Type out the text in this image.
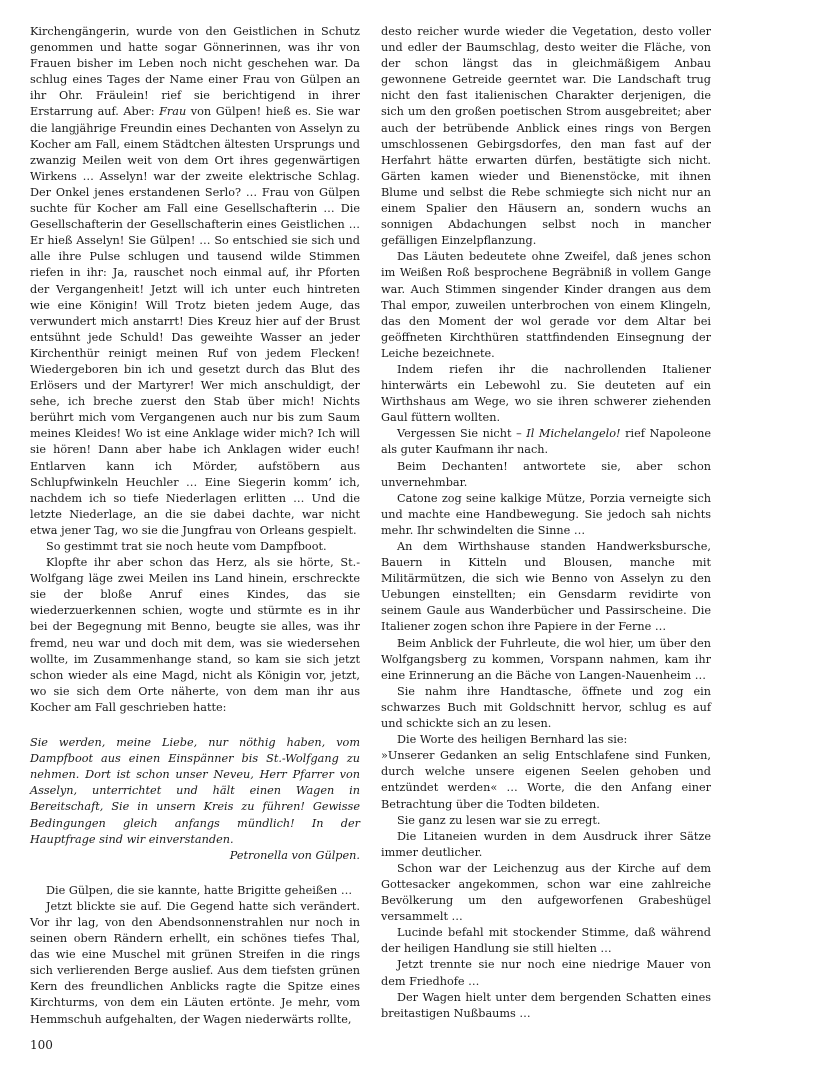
Kirchengängerin, wurde von den Geistlichen in Schutz genommen und hatte sogar Gönnerinnen, was ihr von Frauen bisher im Leben noch nicht geschehen war. Da schlug eines Tages der Name einer Frau von Gülpen an ihr Ohr. Fräulein! rief sie berichtigend in ihrer Erstarrung auf. Aber: Frau von Gülpen! hieß es. Sie war die langjährige Freundin eines Dechanten von Asselyn zu Kocher am Fall, einem Städtchen ältesten Ursprungs und zwanzig Meilen weit von dem Ort ihres gegenwärtigen Wirkens … Asselyn! war der zweite elektrische Schlag. Der Onkel jenes erstandenen Serlo? … Frau von Gülpen suchte für Kocher am Fall eine Gesellschafterin … Die Gesellschafterin der Gesellschafterin eines Geistlichen … Er hieß Asselyn! Sie Gülpen! … So entschied sie sich und alle ihre Pulse schlugen und tausend wilde Stimmen riefen in ihr: Ja, rauschet noch einmal auf, ihr Pforten der Vergangenheit! Jetzt will ich unter euch hintreten wie eine Königin! Will Trotz bieten jedem Auge, das verwundert mich anstarrt! Dies Kreuz hier auf der Brust entsühnt jede Schuld! Das geweihte Wasser an jeder Kirchenthür reinigt meinen Ruf von jedem Flecken! Wiedergeboren bin ich und gesetzt durch das Blut des Erlösers und der Martyrer! Wer mich anschuldigt, der sehe, ich breche zuerst den Stab über mich! Nichts berührt mich vom Vergangenen auch nur bis zum Saum meines Kleides! Wo ist eine Anklage wider mich? Ich will sie hören! Dann aber habe ich Anklagen wider euch! Entlarven kann ich Mörder, aufstöbern aus Schlupfwinkeln Heuchler … Eine Siegerin komm’ ich, nachdem ich so tiefe Niederlagen erlitten … Und die letzte Niederlage, an die sie dabei dachte, war nicht etwa jener Tag, wo sie die Jungfrau von Orleans gespielt.

So gestimmt trat sie noch heute vom Dampfboot.

Klopfte ihr aber schon das Herz, als sie hörte, St.-Wolfgang läge zwei Meilen ins Land hinein, erschreckte sie der bloße Anruf eines Kindes, das sie wiederzuerkennen schien, wogte und stürmte es in ihr bei der Begegnung mit Benno, beugte sie alles, was ihr fremd, neu war und doch mit dem, was sie wiedersehen wollte, im Zusammenhange stand, so kam sie sich jetzt schon wieder als eine Magd, nicht als Königin vor, jetzt, wo sie sich dem Orte näherte, von dem man ihr aus Kocher am Fall geschrieben hatte:

Sie werden, meine Liebe, nur nöthig haben, vom Dampfboot aus einen Einspänner bis St.-Wolfgang zu nehmen. Dort ist schon unser Neveu, Herr Pfarrer von Asselyn, unterrichtet und hält einen Wagen in Bereitschaft, Sie in unsern Kreis zu führen! Gewisse Bedingungen gleich anfangs mündlich! In der Hauptfrage sind wir einverstanden.

Petronella von Gülpen.

Die Gülpen, die sie kannte, hatte Brigitte geheißen …

Jetzt blickte sie auf. Die Gegend hatte sich verändert. Vor ihr lag, von den Abendsonnenstrahlen nur noch in seinen obern Rändern erhellt, ein schönes tiefes Thal, das wie eine Muschel mit grünen Streifen in die rings sich verlierenden Berge auslief. Aus dem tiefsten grünen Kern des freundlichen Anblicks ragte die Spitze eines Kirchturms, von dem ein Läuten ertönte. Je mehr, vom Hemmschuh aufgehalten, der Wagen niederwärts rollte,

desto reicher wurde wieder die Vegetation, desto voller und edler der Baumschlag, desto weiter die Fläche, von der schon längst das in gleichmäßigem Anbau gewonnene Getreide geerntet war. Die Landschaft trug nicht den fast italienischen Charakter derjenigen, die sich um den großen poetischen Strom ausgebreitet; aber auch der betrübende Anblick eines rings von Bergen umschlossenen Gebirgsdorfes, den man fast auf der Herfahrt hätte erwarten dürfen, bestätigte sich nicht. Gärten kamen wieder und Bienenstöcke, mit ihnen Blume und selbst die Rebe schmiegte sich nicht nur an einem Spalier den Häusern an, sondern wuchs an sonnigen Abdachungen selbst noch in mancher gefälligen Einzelpflanzung.

Das Läuten bedeutete ohne Zweifel, daß jenes schon im Weißen Roß besprochene Begräbniß in vollem Gange war. Auch Stimmen singender Kinder drangen aus dem Thal empor, zuweilen unterbrochen von einem Klingeln, das den Moment der wol gerade vor dem Altar bei geöffneten Kirchthüren stattfindenden Einsegnung der Leiche bezeichnete.

Indem riefen ihr die nachrollenden Italiener hinterwärts ein Lebewohl zu. Sie deuteten auf ein Wirthshaus am Wege, wo sie ihren schwerer ziehenden Gaul füttern wollten.

Vergessen Sie nicht – Il Michelangelo! rief Napoleone als guter Kaufmann ihr nach.

Beim Dechanten! antwortete sie, aber schon unvernehmbar.

Catone zog seine kalkige Mütze, Porzia verneigte sich und machte eine Handbewegung. Sie jedoch sah nichts mehr. Ihr schwindelten die Sinne …

An dem Wirthshause standen Handwerksbursche, Bauern in Kitteln und Blousen, manche mit Militärmützen, die sich wie Benno von Asselyn zu den Uebungen einstellten; ein Gensdarm revidirte von seinem Gaule aus Wanderbücher und Passirscheine. Die Italiener zogen schon ihre Papiere in der Ferne …

Beim Anblick der Fuhrleute, die wol hier, um über den Wolfgangsberg zu kommen, Vorspann nahmen, kam ihr eine Erinnerung an die Bäche von Langen-Nauenheim …

Sie nahm ihre Handtasche, öffnete und zog ein schwarzes Buch mit Goldschnitt hervor, schlug es auf und schickte sich an zu lesen.

Die Worte des heiligen Bernhard las sie:

»Unserer Gedanken an selig Entschlafene sind Funken, durch welche unsere eigenen Seelen gehoben und entzündet werden« … Worte, die den Anfang einer Betrachtung über die Todten bildeten.

Sie ganz zu lesen war sie zu erregt.

Die Litaneien wurden in dem Ausdruck ihrer Sätze immer deutlicher.

Schon war der Leichenzug aus der Kirche auf dem Gottesacker angekommen, schon war eine zahlreiche Bevölkerung um den aufgeworfenen Grabeshügel versammelt …

Lucinde befahl mit stockender Stimme, daß während der heiligen Handlung sie still hielten …

Jetzt trennte sie nur noch eine niedrige Mauer von dem Friedhofe …

Der Wagen hielt unter dem bergenden Schatten eines breitastigen Nußbaums …

100
